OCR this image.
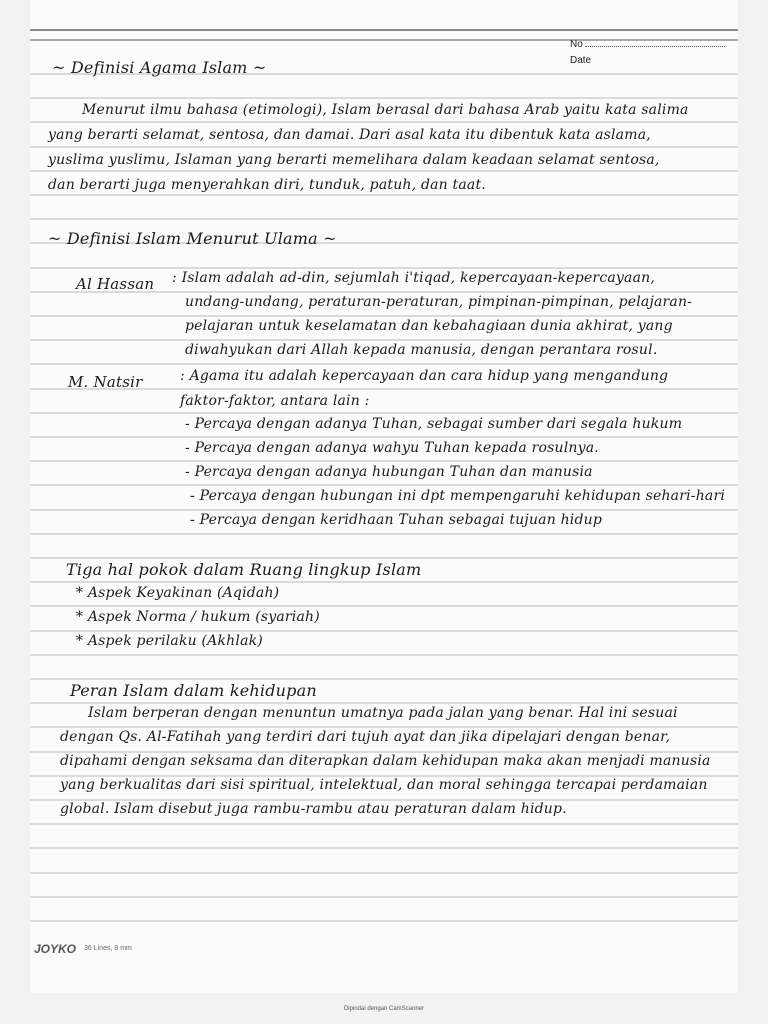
No
Date
~ Definisi Agama Islam ~
Menurut ilmu bahasa (etimologi), Islam berasal dari bahasa Arab yaitu kata salima
yang berarti selamat, sentosa, dan damai. Dari asal kata itu dibentuk kata aslama,
yuslima yuslimu, Islaman yang berarti memelihara dalam keadaan selamat sentosa,
dan berarti juga menyerahkan diri, tunduk, patuh, dan taat.
~ Definisi Islam Menurut Ulama ~
Al Hassan : Islam adalah ad-din, sejumlah i'tiqad, kepercayaan-kepercayaan,
undang-undang, peraturan-peraturan, pimpinan-pimpinan, pelajaran-
pelajaran untuk keselamatan dan kebahagiaan dunia akhirat, yang
diwahyukan dari Allah kepada manusia, dengan perantara rosul.
M. Natsir	: Agama itu adalah kepercayaan dan cara hidup yang mengandung
faktor-faktor, antara lain :
- Percaya dengan adanya Tuhan, sebagai sumber dari segala hukum
- Percaya dengan adanya wahyu Tuhan kepada rosulnya.
- Percaya dengan adanya hubungan Tuhan dan manusia
- Percaya dengan hubungan ini dpt mempengaruhi kehidupan sehari-hari
- Percaya dengan keridhaan Tuhan sebagai tujuan hidup
Tiga hal pokok dalam Ruang lingkup Islam
* Aspek Keyakinan (Aqidah)
* Aspek Norma / hukum (syariah)
* Aspek perilaku (Akhlak)
Peran Islam dalam kehidupan
Islam berperan dengan menuntun umatnya pada jalan yang benar. Hal ini sesuai
dengan Qs. Al-Fatihah yang terdiri dari tujuh ayat dan jika dipelajari dengan benar,
dipahami dengan seksama dan diterapkan dalam kehidupan maka akan menjadi manusia
yang berkualitas dari sisi spiritual, intelektual, dan moral sehingga tercapai perdamaian
global. Islam disebut juga rambu-rambu atau peraturan dalam hidup.
JOYKO 36 Lines, 8 mm
Dipindai dengan CamScanner
